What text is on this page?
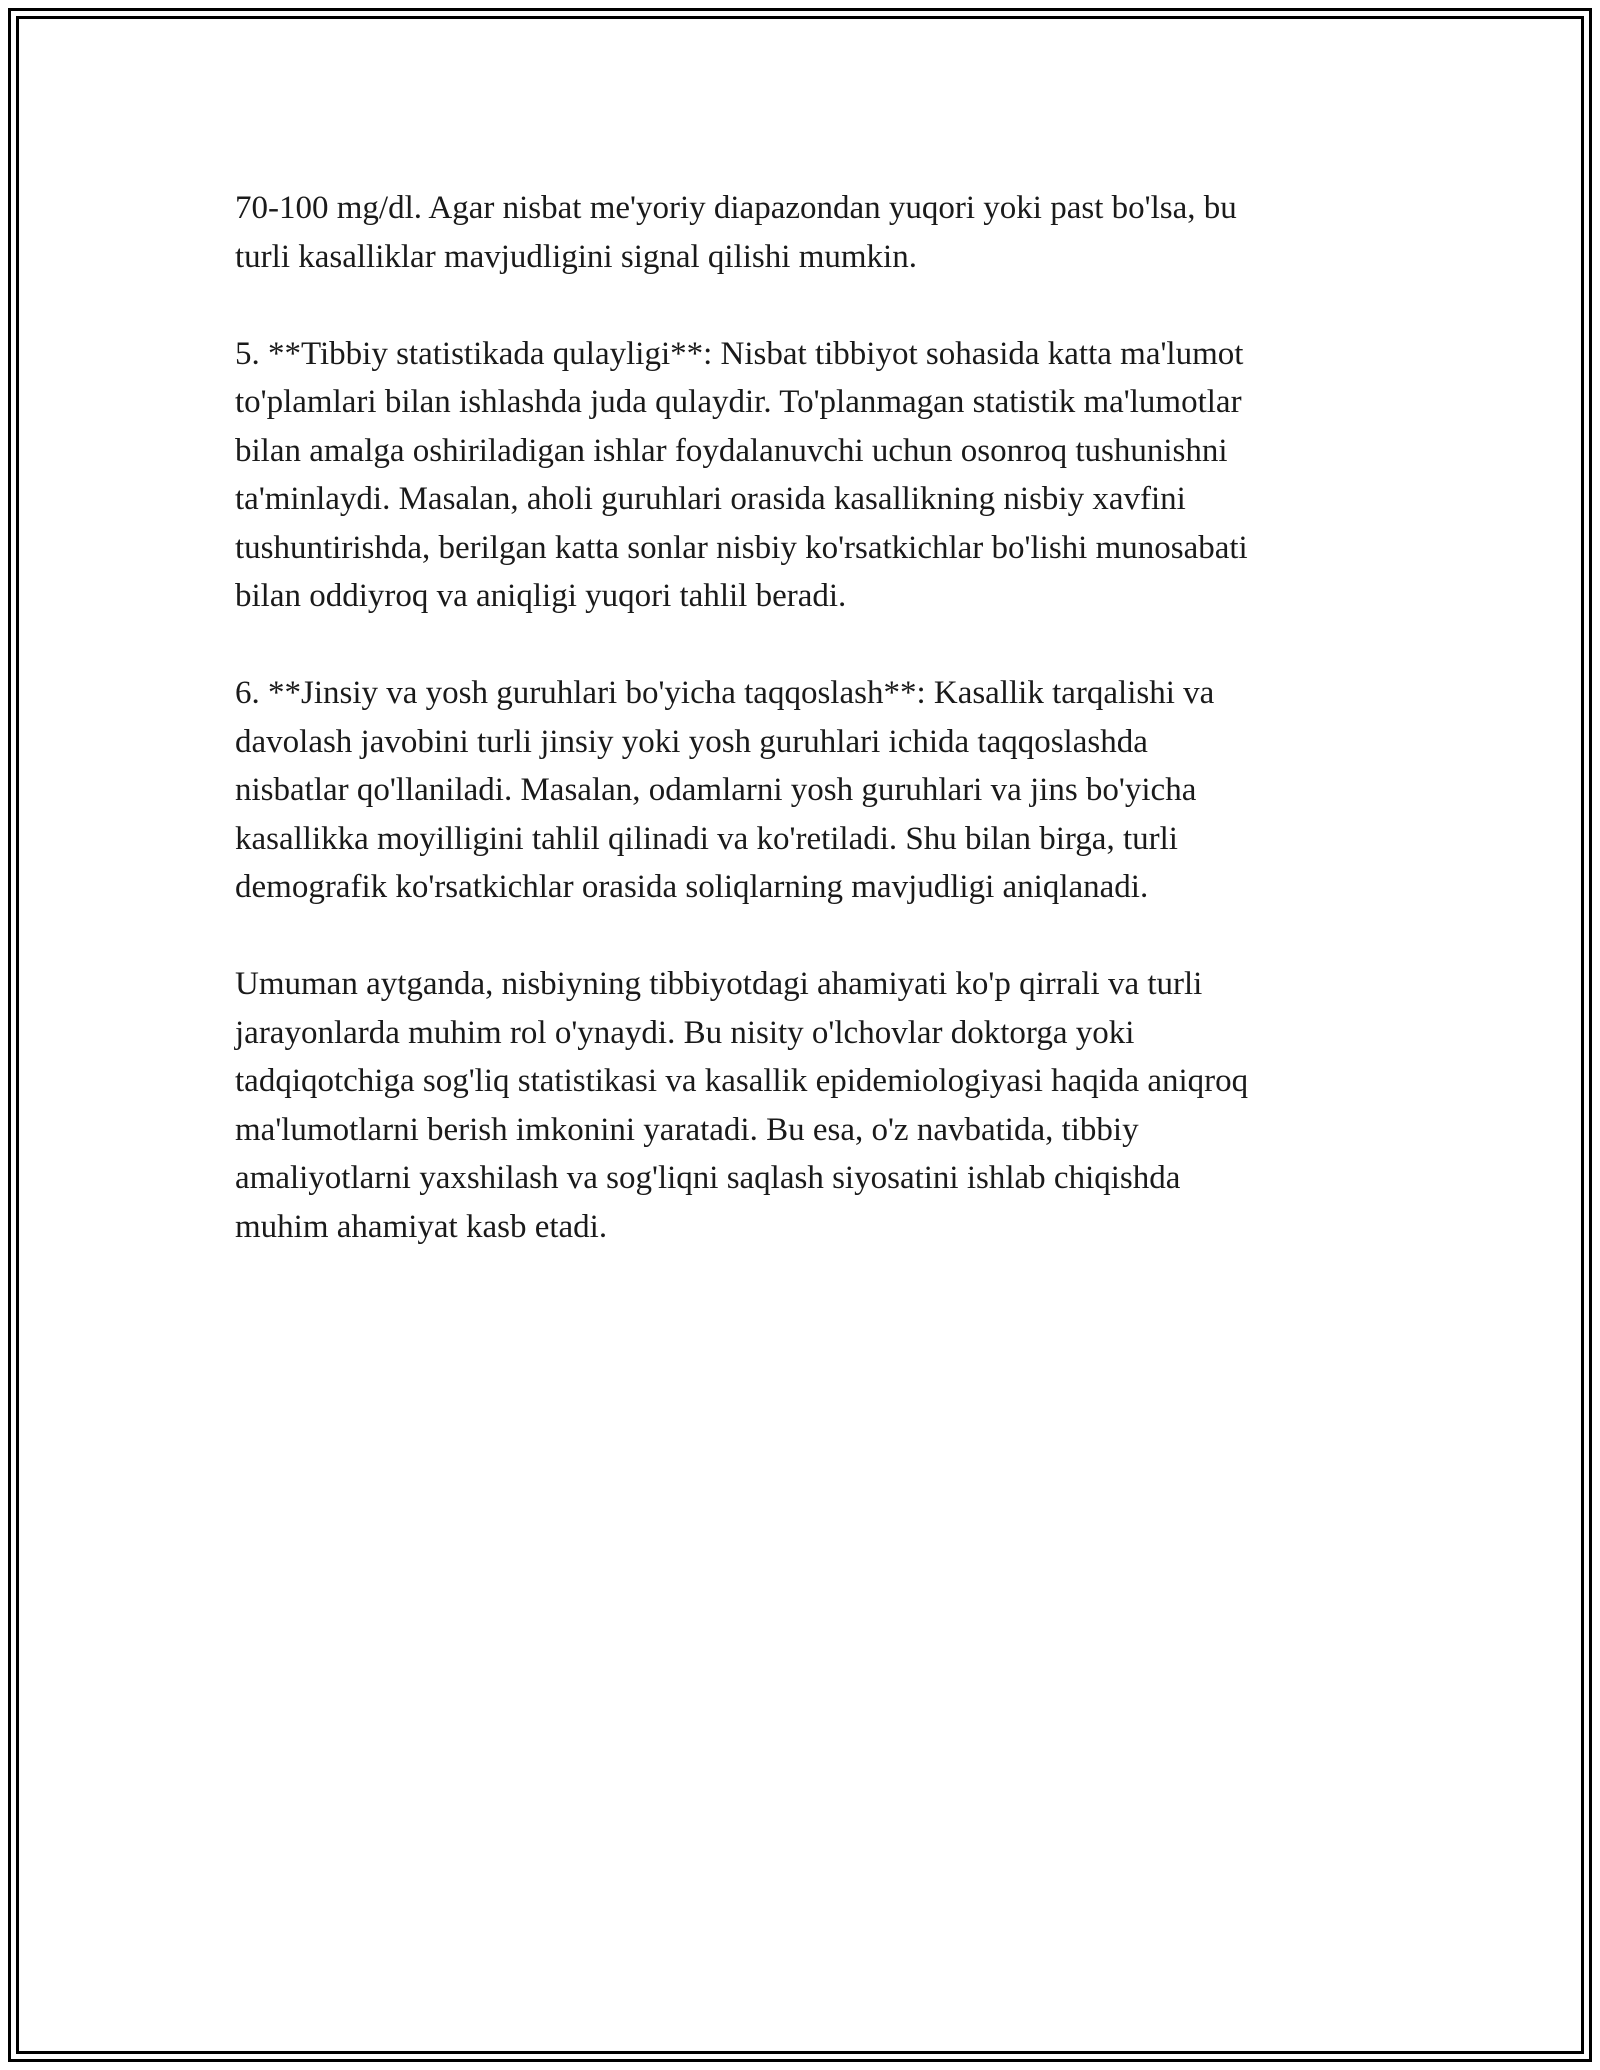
70-100 mg/dl. Agar nisbat me'yoriy diapazondan yuqori yoki past bo'lsa, bu
turli kasalliklar mavjudligini signal qilishi mumkin.

5. **Tibbiy statistikada qulayligi**: Nisbat tibbiyot sohasida katta ma'lumot
to'plamlari bilan ishlashda juda qulaydir. To'planmagan statistik ma'lumotlar
bilan amalga oshiriladigan ishlar foydalanuvchi uchun osonroq tushunishni
ta'minlaydi. Masalan, aholi guruhlari orasida kasallikning nisbiy xavfini
tushuntirishda, berilgan katta sonlar nisbiy ko'rsatkichlar bo'lishi munosabati
bilan oddiyroq va aniqligi yuqori tahlil beradi.

6. **Jinsiy va yosh guruhlari bo'yicha taqqoslash**: Kasallik tarqalishi va
davolash javobini turli jinsiy yoki yosh guruhlari ichida taqqoslashda
nisbatlar qo'llaniladi. Masalan, odamlarni yosh guruhlari va jins bo'yicha
kasallikka moyilligini tahlil qilinadi va ko'retiladi. Shu bilan birga, turli
demografik ko'rsatkichlar orasida soliqlarning mavjudligi aniqlanadi.

Umuman aytganda, nisbiyning tibbiyotdagi ahamiyati ko'p qirrali va turli
jarayonlarda muhim rol o'ynaydi. Bu nisity o'lchovlar doktorga yoki
tadqiqotchiga sog'liq statistikasi va kasallik epidemiologiyasi haqida aniqroq
ma'lumotlarni berish imkonini yaratadi. Bu esa, o'z navbatida, tibbiy
amaliyotlarni yaxshilash va sog'liqni saqlash siyosatini ishlab chiqishda
muhim ahamiyat kasb etadi.
